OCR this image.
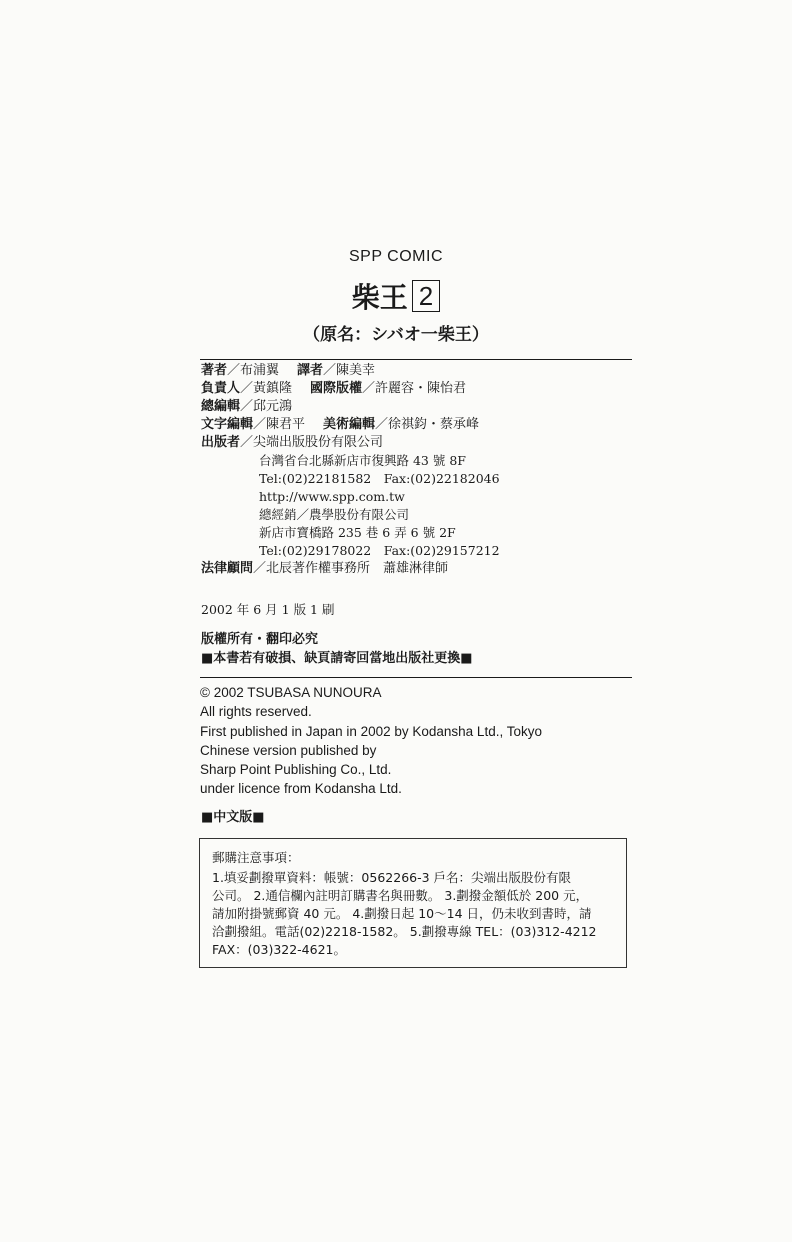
SPP COMIC
柴王 2
（原名：シバオ一柴王）
著者／布浦翼 譯者／陳美幸
負責人／黃鎮隆 國際版權／許麗容・陳怡君
總編輯／邱元鴻
文字編輯／陳君平 美術編輯／徐祺鈞・蔡承峰
出版者／尖端出版股份有限公司
台灣省台北縣新店市復興路 43 號 8F
Tel:(02)22181582　Fax:(02)22182046
http://www.spp.com.tw
總經銷／農學股份有限公司
新店市寶橋路 235 巷 6 弄 6 號 2F
Tel:(02)29178022　Fax:(02)29157212
法律顧問／北辰著作權事務所　蕭雄淋律師
2002 年 6 月 1 版 1 刷
版權所有・翻印必究
■本書若有破損、缺頁請寄回當地出版社更換■
© 2002 TSUBASA NUNOURA
All rights reserved.
First published in Japan in 2002 by Kodansha Ltd., Tokyo
Chinese version published by
Sharp Point Publishing Co., Ltd.
under licence from Kodansha Ltd.
■中文版■
郵購注意事項：
1.填妥劃撥單資料：帳號：0562266-3 戶名：尖端出版股份有限
公司。 2.通信欄內註明訂購書名與冊數。 3.劃撥金額低於 200 元，
請加附掛號郵資 40 元。 4.劃撥日起 10～14 日，仍未收到書時，請
洽劃撥組。電話(02)2218-1582。 5.劃撥專線 TEL：(03)312-4212
FAX：(03)322-4621。
